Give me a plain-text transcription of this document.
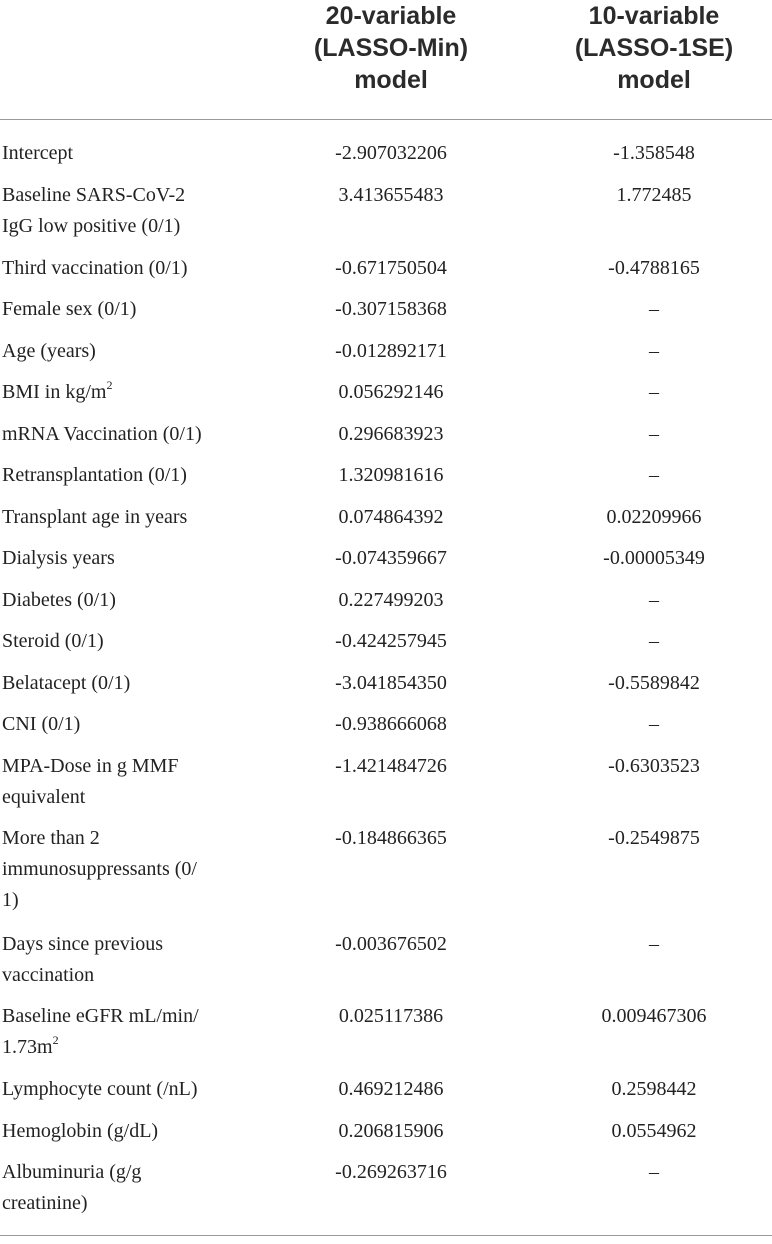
20-variable
(LASSO-Min)
model
10-variable
(LASSO-1SE)
model
Intercept	-2.907032206	-1.358548
Baseline SARS-CoV-2
IgG low positive (0/1)
3.413655483	1.772485
Third vaccination (0/1)	-0.671750504	-0.4788165
Female sex (0/1)	-0.307158368	–
Age (years)	-0.012892171	–
BMI in $kg/m^2$	0.056292146	–
mRNA Vaccination (0/1)	0.296683923	–
Retransplantation (0/1)	1.320981616	–
Transplant age in years	0.074864392	0.02209966
Dialysis years	-0.074359667	-0.00005349
Diabetes (0/1)	0.227499203	–
Steroid (0/1)	-0.424257945	–
Belatacept (0/1)	-3.041854350	-0.5589842
CNI (0/1)	-0.938666068	–
MPA-Dose in g MMF
equivalent
-1.421484726	-0.6303523
More than 2
immunosuppressants (0/
1)
-0.184866365	-0.2549875
Days since previous
vaccination
-0.003676502	–
Baseline eGFR mL/min/
$1.73m^2$
0.025117386	0.009467306
Lymphocyte count (/nL)	0.469212486	0.2598442
Hemoglobin (g/dL)	0.206815906	0.0554962
Albuminuria (g/g
creatinine)
-0.269263716	–
